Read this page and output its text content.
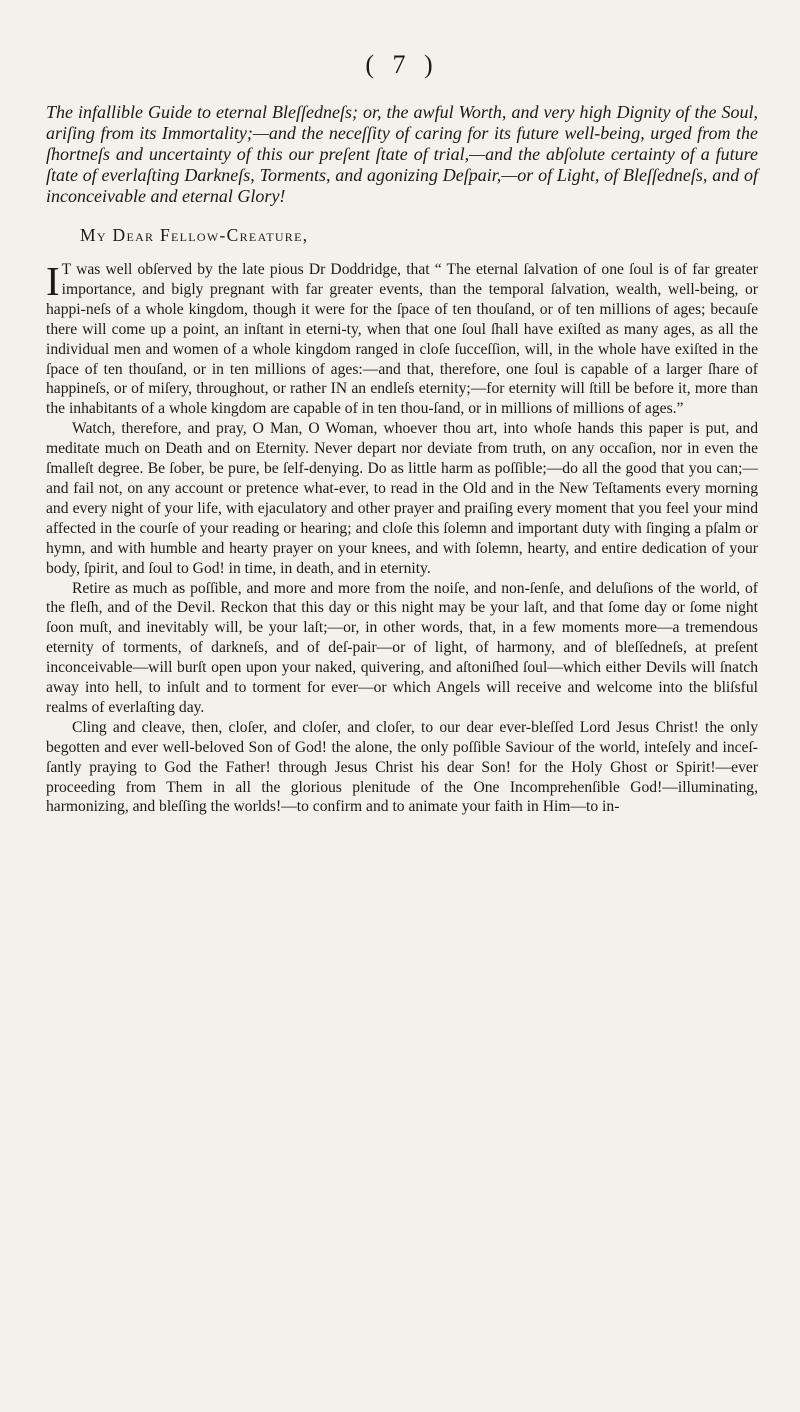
( 7 )

The infallible Guide to eternal Bleſſedneſs; or, the awful Worth, and very high Dignity of the Soul, ariſing from its Immortality;—and the neceſſity of caring for its future well-being, urged from the ſhortneſs and uncertainty of this our preſent ſtate of trial,—and the abſolute certainty of a future ſtate of everlaſting Darkneſs, Torments, and agonizing Deſpair,—or of Light, of Bleſſedneſs, and of inconceivable and eternal Glory!

My Dear Fellow-Creature,

I T was well obſerved by the late pious Dr Doddridge, that “ The eternal ſalvation of one ſoul is of far greater importance, and bigly pregnant with far greater events, than the temporal ſalvation, wealth, well-being, or happi-neſs of a whole kingdom, though it were for the ſpace of ten thouſand, or of ten millions of ages; becauſe there will come up a point, an inſtant in eterni-ty, when that one ſoul ſhall have exiſted as many ages, as all the individual men and women of a whole kingdom ranged in cloſe ſucceſſion, will, in the whole have exiſted in the ſpace of ten thouſand, or in ten millions of ages:—and that, therefore, one ſoul is capable of a larger ſhare of happineſs, or of miſery, throughout, or rather IN an endleſs eternity;—for eternity will ſtill be before it, more than the inhabitants of a whole kingdom are capable of in ten thou-ſand, or in millions of millions of ages.”

Watch, therefore, and pray, O Man, O Woman, whoever thou art, into whoſe hands this paper is put, and meditate much on Death and on Eternity. Never depart nor deviate from truth, on any occaſion, nor in even the ſmalleſt degree. Be ſober, be pure, be ſelf-denying. Do as little harm as poſſible;—do all the good that you can;—and fail not, on any account or pretence what-ever, to read in the Old and in the New Teſtaments every morning and every night of your life, with ejaculatory and other prayer and praiſing every moment that you feel your mind affected in the courſe of your reading or hearing; and cloſe this ſolemn and important duty with ſinging a pſalm or hymn, and with humble and hearty prayer on your knees, and with ſolemn, hearty, and entire dedication of your body, ſpirit, and ſoul to God! in time, in death, and in eternity.

Retire as much as poſſible, and more and more from the noiſe, and non-ſenſe, and deluſions of the world, of the fleſh, and of the Devil. Reckon that this day or this night may be your laſt, and that ſome day or ſome night ſoon muſt, and inevitably will, be your laſt;—or, in other words, that, in a few moments more—a tremendous eternity of torments, of darkneſs, and of deſ-pair—or of light, of harmony, and of bleſſedneſs, at preſent inconceivable—will burſt open upon your naked, quivering, and aſtoniſhed ſoul—which either Devils will ſnatch away into hell, to inſult and to torment for ever—or which Angels will receive and welcome into the bliſsful realms of everlaſting day.

Cling and cleave, then, cloſer, and cloſer, and cloſer, to our dear ever-bleſſed Lord Jesus Christ! the only begotten and ever well-beloved Son of God! the alone, the only poſſible Saviour of the world, inteſely and inceſ-ſantly praying to God the Father! through Jesus Christ his dear Son! for the Holy Ghost or Spirit!—ever proceeding from Them in all the glorious plenitude of the One Incomprehenſible God!—illuminating, harmonizing, and bleſſing the worlds!—to confirm and to animate your faith in Him—to in-
